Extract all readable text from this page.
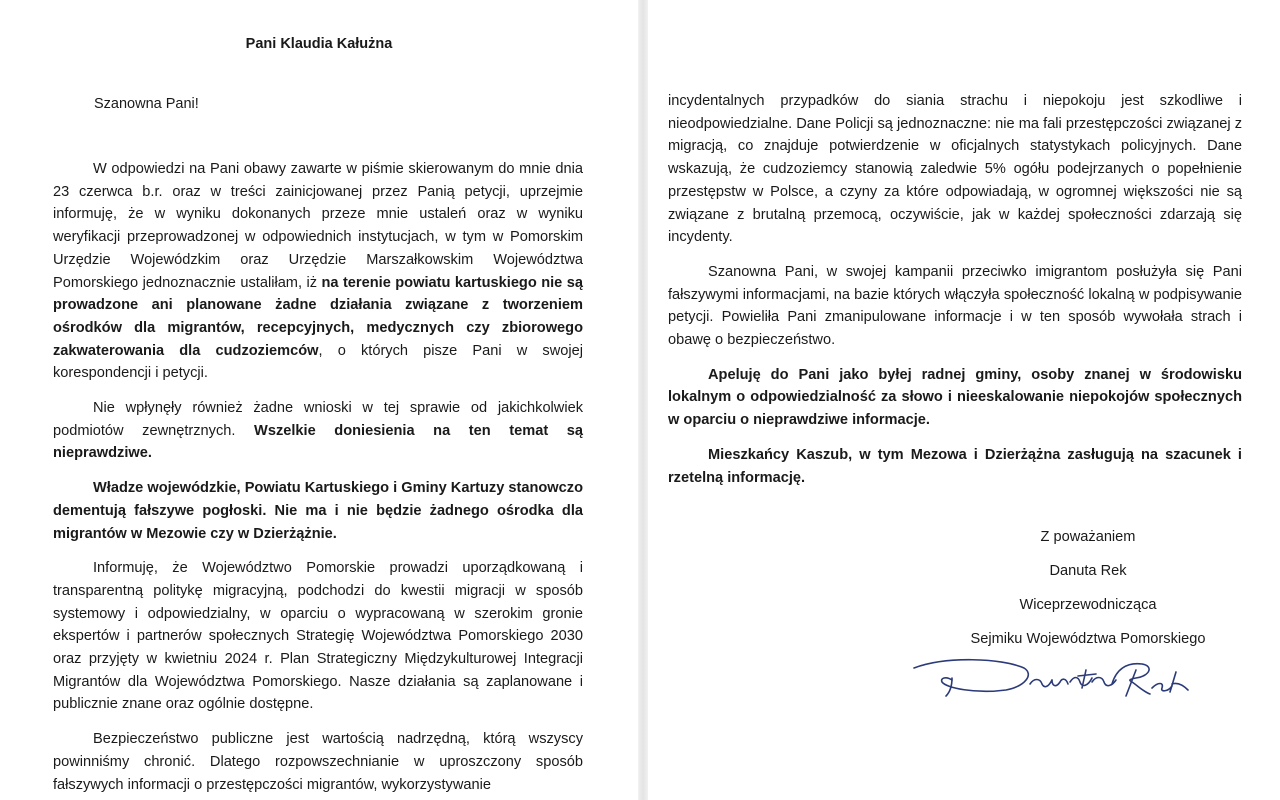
Pani Klaudia Kałużna

Szanowna Pani!

W odpowiedzi na Pani obawy zawarte w piśmie skierowanym do mnie dnia 23 czerwca b.r. oraz w treści zainicjowanej przez Panią petycji, uprzejmie informuję, że w wyniku dokonanych przeze mnie ustaleń oraz w wyniku weryfikacji przeprowadzonej w odpowiednich instytucjach, w tym w Pomorskim Urzędzie Wojewódzkim oraz Urzędzie Marszałkowskim Województwa Pomorskiego jednoznacznie ustaliłam, iż na terenie powiatu kartuskiego nie są prowadzone ani planowane żadne działania związane z tworzeniem ośrodków dla migrantów, recepcyjnych, medycznych czy zbiorowego zakwaterowania dla cudzoziemców, o których pisze Pani w swojej korespondencji i petycji.

Nie wpłynęły również żadne wnioski w tej sprawie od jakichkolwiek podmiotów zewnętrznych. Wszelkie doniesienia na ten temat są nieprawdziwe.

Władze wojewódzkie, Powiatu Kartuskiego i Gminy Kartuzy stanowczo dementują fałszywe pogłoski. Nie ma i nie będzie żadnego ośrodka dla migrantów w Mezowie czy w Dzierżążnie.

Informuję, że Województwo Pomorskie prowadzi uporządkowaną i transparentną politykę migracyjną, podchodzi do kwestii migracji w sposób systemowy i odpowiedzialny, w oparciu o wypracowaną w szerokim gronie ekspertów i partnerów społecznych Strategię Województwa Pomorskiego 2030 oraz przyjęty w kwietniu 2024 r. Plan Strategiczny Międzykulturowej Integracji Migrantów dla Województwa Pomorskiego. Nasze działania są zaplanowane i publicznie znane oraz ogólnie dostępne.

Bezpieczeństwo publiczne jest wartością nadrzędną, którą wszyscy powinniśmy chronić. Dlatego rozpowszechnianie w uproszczony sposób fałszywych informacji o przestępczości migrantów, wykorzystywanie

incydentalnych przypadków do siania strachu i niepokoju jest szkodliwe i nieodpowiedzialne. Dane Policji są jednoznaczne: nie ma fali przestępczości związanej z migracją, co znajduje potwierdzenie w oficjalnych statystykach policyjnych. Dane wskazują, że cudzoziemcy stanowią zaledwie 5% ogółu podejrzanych o popełnienie przestępstw w Polsce, a czyny za które odpowiadają, w ogromnej większości nie są związane z brutalną przemocą, oczywiście, jak w każdej społeczności zdarzają się incydenty.

Szanowna Pani, w swojej kampanii przeciwko imigrantom posłużyła się Pani fałszywymi informacjami, na bazie których włączyła społeczność lokalną w podpisywanie petycji. Powieliła Pani zmanipulowane informacje i w ten sposób wywołała strach i obawę o bezpieczeństwo.

Apeluję do Pani jako byłej radnej gminy, osoby znanej w środowisku lokalnym o odpowiedzialność za słowo i nieeskalowanie niepokojów społecznych w oparciu o nieprawdziwe informacje.

Mieszkańcy Kaszub, w tym Mezowa i Dzierżążna zasługują na szacunek i rzetelną informację.

Z poważaniem
Danuta Rek
Wiceprzewodnicząca
Sejmiku Województwa Pomorskiego
